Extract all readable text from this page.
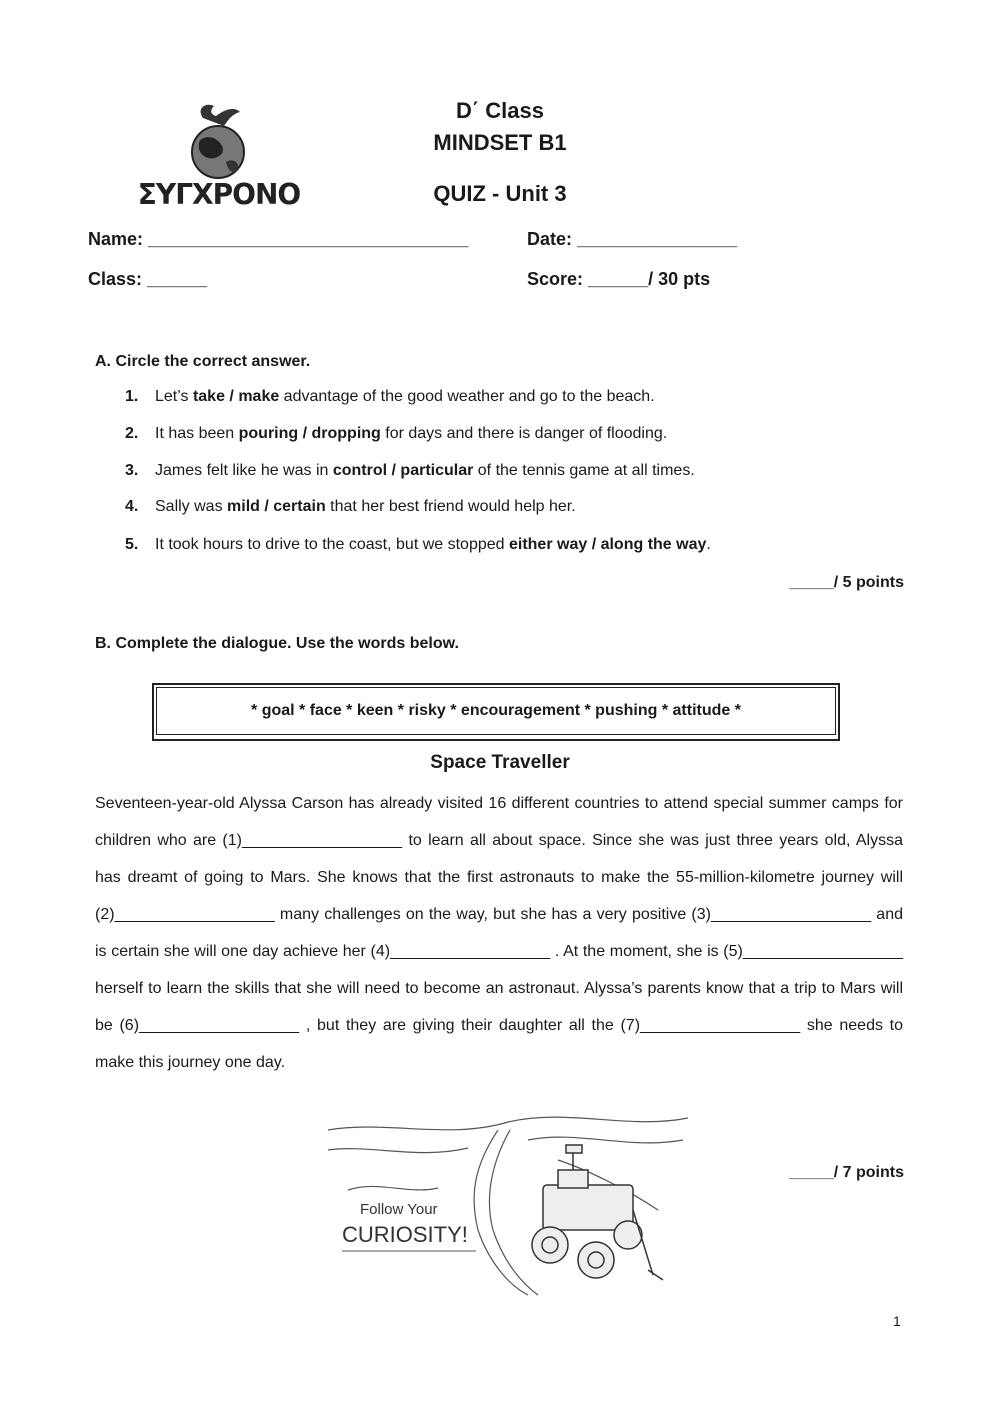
ΣΥΓΧΡΟΝΟ
D΄ Class
MINDSET B1
QUIZ - Unit 3
Name: ________________________________	Date: ________________
Class: ______	Score: ______/ 30 pts
A. Circle the correct answer.
1. Let’s take / make advantage of the good weather and go to the beach.
2. It has been pouring / dropping for days and there is danger of flooding.
3. James felt like he was in control / particular of the tennis game at all times.
4. Sally was mild / certain that her best friend would help her.
5. It took hours to drive to the coast, but we stopped either way / along the way.
_____/ 5 points
B. Complete the dialogue. Use the words below.
* goal * face * keen * risky * encouragement * pushing * attitude *
Space Traveller

Seventeen-year-old Alyssa Carson has already visited 16 different countries to attend special summer camps for children who are (1)__________________ to learn all about space. Since she was just three years old, Alyssa has dreamt of going to Mars. She knows that the first astronauts to make the 55-million-kilometre journey will (2)__________________ many challenges on the way, but she has a very positive (3)__________________ and is certain she will one day achieve her (4)__________________ . At the moment, she is (5)__________________ herself to learn the skills that she will need to become an astronaut. Alyssa’s parents know that a trip to Mars will be (6)__________________ , but they are giving their daughter all the (7)__________________ she needs to make this journey one day.

Follow Your
CURIOSITY!
_____/ 7 points
1
